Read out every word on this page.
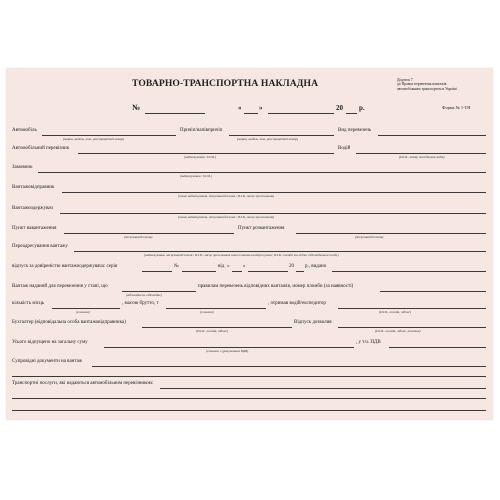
ТОВАРНО-ТРАНСПОРТНА НАКЛАДНА	Додаток 7
до Правил перевезень вантажів
автомобільним транспортом в Україні
№	«	»	20 р.	Форма № 1-ТН
Автомобіль
(марка, модель, тип, реєстраційний номер)
Причіп/напівпричіп
(марка, модель, тип, реєстраційний номер)
Вид перевезень
Автомобільний перевізник
(найменування / П.І.Б.)
Водій
(П.І.Б., номер посвідчення водія)
Замовник
(найменування / П.І.Б.)
Вантажовідправник
(повне найменування, місцезнаходження / П.І.Б., місце проживання)
Вантажоодержувач
(повне найменування, місцезнаходження / П.І.Б., місце проживання)
Пункт навантаження
(місцезнаходження)
Пункт розвантаження
(місцезнаходження)
Переадресування вантажу
(найменування, місцезнаходження / П.І.Б., місце проживання нового вантажоодержувача; П.І.Б., посада та підпис відповідальної особи)
відпуск за довіреністю вантажоодержувача: серія	№	від «	»	20 р., видано
Вантаж наданий для перевезення у стані, що
(відповідає/не відповідає)
правилам перевезень відповідних вантажів, номер пломби (за наявності)
кількість місць
(словами)
, масою брутто, т
(словами)
, отримав водій/експедитор
(П.І.Б., посада, підпис)
Бухгалтер (відповідальна особа вантажовідправника)
(П.І.Б., посада, підпис)
Відпуск дозволив
(П.І.Б., посада, підпис, печатка)
Усього відпущено на загальну суму
(словами, з урахуванням ПДВ)
, у т.ч. ПДВ
Супровідні документи на вантаж
Транспортні послуги, які надаються автомобільним перевізником:
